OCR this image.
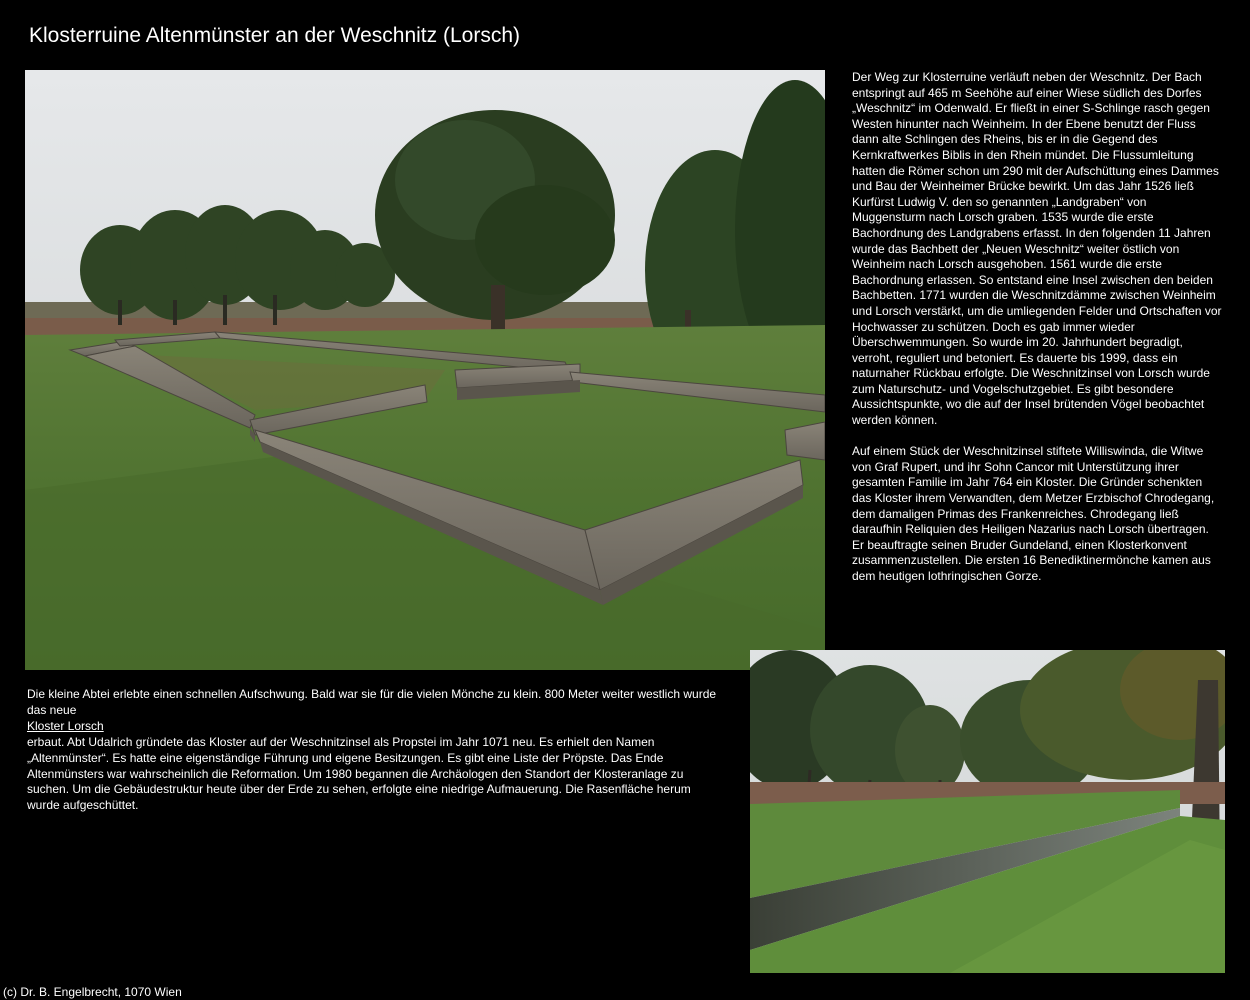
Klosterruine Altenmünster an der Weschnitz (Lorsch)

Der Weg zur Klosterruine verläuft neben der Weschnitz. Der Bach entspringt auf 465 m Seehöhe auf einer Wiese südlich des Dorfes „Weschnitz“ im Odenwald. Er fließt in einer S-Schlinge rasch gegen Westen hinunter nach Weinheim. In der Ebene benutzt der Fluss dann alte Schlingen des Rheins, bis er in die Gegend des Kernkraftwerkes Biblis in den Rhein mündet. Die Flussumleitung hatten die Römer schon um 290 mit der Aufschüttung eines Dammes und Bau der Weinheimer Brücke bewirkt. Um das Jahr 1526 ließ Kurfürst Ludwig V. den so genannten „Landgraben“ von Muggensturm nach Lorsch graben. 1535 wurde die erste Bachordnung des Landgrabens erfasst. In den folgenden 11 Jahren wurde das Bachbett der „Neuen Weschnitz“ weiter östlich von Weinheim nach Lorsch ausgehoben. 1561 wurde die erste Bachordnung erlassen. So entstand eine Insel zwischen den beiden Bachbetten. 1771 wurden die Weschnitzdämme zwischen Weinheim und Lorsch verstärkt, um die umliegenden Felder und Ortschaften vor Hochwasser zu schützen. Doch es gab immer wieder Überschwemmungen. So wurde im 20. Jahrhundert begradigt, verroht, reguliert und betoniert. Es dauerte bis 1999, dass ein naturnaher Rückbau erfolgte. Die Weschnitzinsel von Lorsch wurde zum Naturschutz- und Vogelschutzgebiet. Es gibt besondere Aussichtspunkte, wo die auf der Insel brütenden Vögel beobachtet werden können.

Auf einem Stück der Weschnitzinsel stiftete Williswinda, die Witwe von Graf Rupert, und ihr Sohn Cancor mit Unterstützung ihrer gesamten Familie im Jahr 764 ein Kloster. Die Gründer schenkten das Kloster ihrem Verwandten, dem Metzer Erzbischof Chrodegang, dem damaligen Primas des Frankenreiches. Chrodegang ließ daraufhin Reliquien des Heiligen Nazarius nach Lorsch übertragen. Er beauftragte seinen Bruder Gundeland, einen Klosterkonvent zusammenzustellen. Die ersten 16 Benediktinermönche kamen aus dem heutigen lothringischen Gorze.

Die kleine Abtei erlebte einen schnellen Aufschwung. Bald war sie für die vielen Mönche zu klein. 800 Meter weiter westlich wurde das neue
Kloster Lorsch
erbaut. Abt Udalrich gründete das Kloster auf der Weschnitzinsel als Propstei im Jahr 1071 neu. Es erhielt den Namen „Altenmünster“. Es hatte eine eigenständige Führung und eigene Besitzungen. Es gibt eine Liste der Pröpste. Das Ende Altenmünsters war wahrscheinlich die Reformation. Um 1980 begannen die Archäologen den Standort der Klosteranlage zu suchen. Um die Gebäudestruktur heute über der Erde zu sehen, erfolgte eine niedrige Aufmauerung. Die Rasenfläche herum wurde aufgeschüttet.
(c) Dr. B. Engelbrecht, 1070 Wien
